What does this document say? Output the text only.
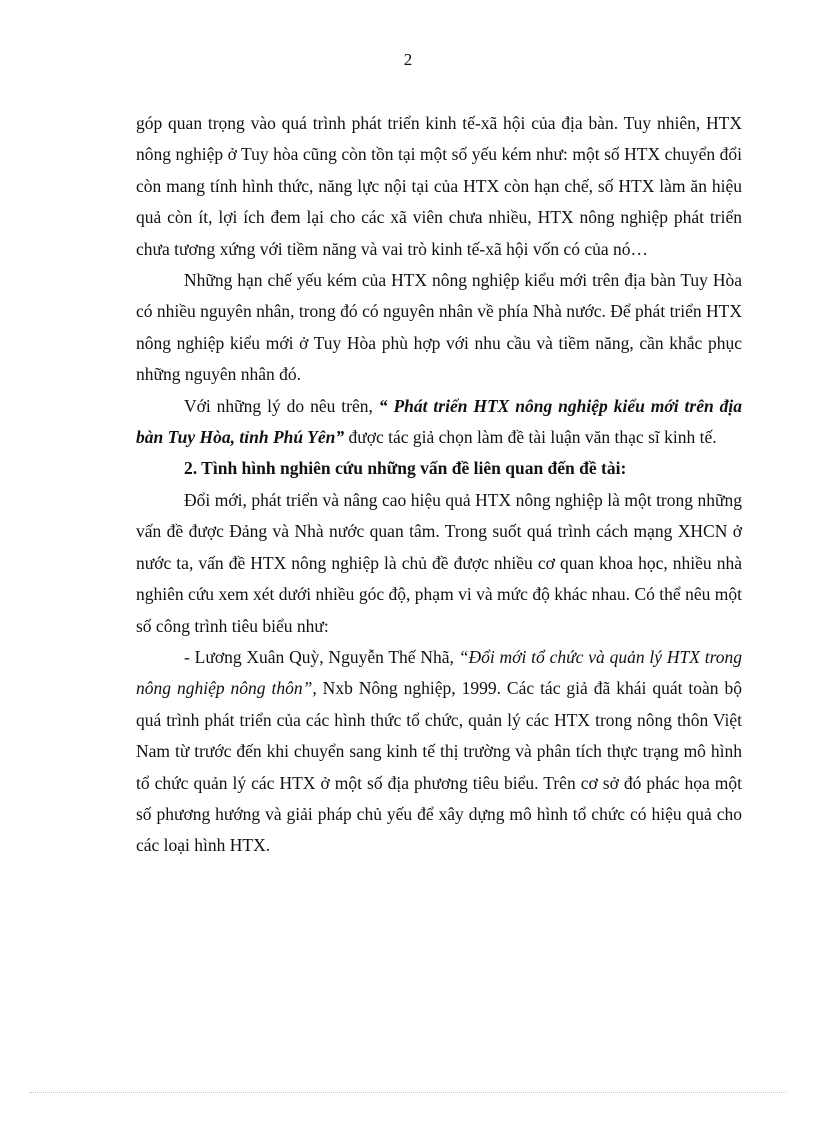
2

góp quan trọng vào quá trình phát triển kinh tế-xã hội của địa bàn. Tuy nhiên, HTX nông nghiệp ở Tuy hòa cũng còn tồn tại một số yếu kém như: một số HTX chuyển đổi còn mang tính hình thức, năng lực nội tại của HTX còn hạn chế, số HTX làm ăn hiệu quả còn ít, lợi ích đem lại cho các xã viên chưa nhiều, HTX nông nghiệp phát triển chưa tương xứng với tiềm năng và vai trò kinh tế-xã hội vốn có của nó…

Những hạn chế yếu kém của HTX nông nghiệp kiểu mới trên địa bàn Tuy Hòa có nhiều nguyên nhân, trong đó có nguyên nhân về phía Nhà nước. Để phát triển HTX nông nghiệp kiểu mới ở Tuy Hòa phù hợp với nhu cầu và tiềm năng, cần khắc phục những nguyên nhân đó.

Với những lý do nêu trên, “ Phát triển HTX nông nghiệp kiểu mới trên địa bàn Tuy Hòa, tỉnh Phú Yên” được tác giả chọn làm đề tài luận văn thạc sĩ kinh tế.

2. Tình hình nghiên cứu những vấn đề liên quan đến đề tài:

Đổi mới, phát triển và nâng cao hiệu quả HTX nông nghiệp là một trong những vấn đề được Đảng và Nhà nước quan tâm. Trong suốt quá trình cách mạng XHCN ở nước ta, vấn đề HTX nông nghiệp là chủ đề được nhiều cơ quan khoa học, nhiều nhà nghiên cứu xem xét dưới nhiều góc độ, phạm vi và mức độ khác nhau. Có thể nêu một số công trình tiêu biểu như:

- Lương Xuân Quỳ, Nguyễn Thế Nhã, “Đổi mới tổ chức và quản lý HTX trong nông nghiệp nông thôn”, Nxb Nông nghiệp, 1999. Các tác giả đã khái quát toàn bộ quá trình phát triển của các hình thức tổ chức, quản lý các HTX trong nông thôn Việt Nam từ trước đến khi chuyển sang kinh tế thị trường và phân tích thực trạng mô hình tổ chức quản lý các HTX ở một số địa phương tiêu biểu. Trên cơ sở đó phác họa một số phương hướng và giải pháp chủ yếu để xây dựng mô hình tổ chức có hiệu quả cho các loại hình HTX.
